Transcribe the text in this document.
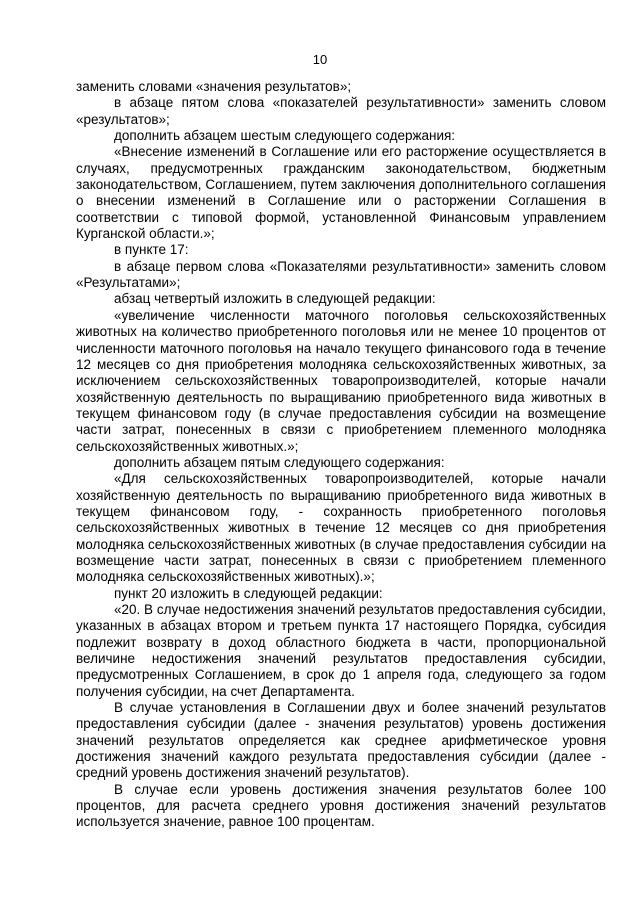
10

заменить словами «значения результатов»;

в абзаце пятом слова «показателей результативности» заменить словом «результатов»;

дополнить абзацем шестым следующего содержания:

«Внесение изменений в Соглашение или его расторжение осуществляется в случаях, предусмотренных гражданским законодательством, бюджетным законодательством, Соглашением, путем заключения дополнительного соглашения о внесении изменений в Соглашение или о расторжении Соглашения в соответствии с типовой формой, установленной Финансовым управлением Курганской области.»;

в пункте 17:

в абзаце первом слова «Показателями результативности» заменить словом «Результатами»;

абзац четвертый изложить в следующей редакции:

«увеличение численности маточного поголовья сельскохозяйственных животных на количество приобретенного поголовья или не менее 10 процентов от численности маточного поголовья на начало текущего финансового года в течение 12 месяцев со дня приобретения молодняка сельскохозяйственных животных, за исключением сельскохозяйственных товаропроизводителей, которые начали хозяйственную деятельность по выращиванию приобретенного вида животных в текущем финансовом году (в случае предоставления субсидии на возмещение части затрат, понесенных в связи с приобретением племенного молодняка сельскохозяйственных животных.»;

дополнить абзацем пятым следующего содержания:

«Для сельскохозяйственных товаропроизводителей, которые начали хозяйственную деятельность по выращиванию приобретенного вида животных в текущем финансовом году, - сохранность приобретенного поголовья сельскохозяйственных животных в течение 12 месяцев со дня приобретения молодняка сельскохозяйственных животных (в случае предоставления субсидии на возмещение части затрат, понесенных в связи с приобретением племенного молодняка сельскохозяйственных животных).»;

пункт 20 изложить в следующей редакции:

«20. В случае недостижения значений результатов предоставления субсидии, указанных в абзацах втором и третьем пункта 17 настоящего Порядка, субсидия подлежит возврату в доход областного бюджета в части, пропорциональной величине недостижения значений результатов предоставления субсидии, предусмотренных Соглашением, в срок до 1 апреля года, следующего за годом получения субсидии, на счет Департамента.

В случае установления в Соглашении двух и более значений результатов предоставления субсидии (далее - значения результатов) уровень достижения значений результатов определяется как среднее арифметическое уровня достижения значений каждого результата предоставления субсидии (далее - средний уровень достижения значений результатов).

В случае если уровень достижения значения результатов более 100 процентов, для расчета среднего уровня достижения значений результатов используется значение, равное 100 процентам.
